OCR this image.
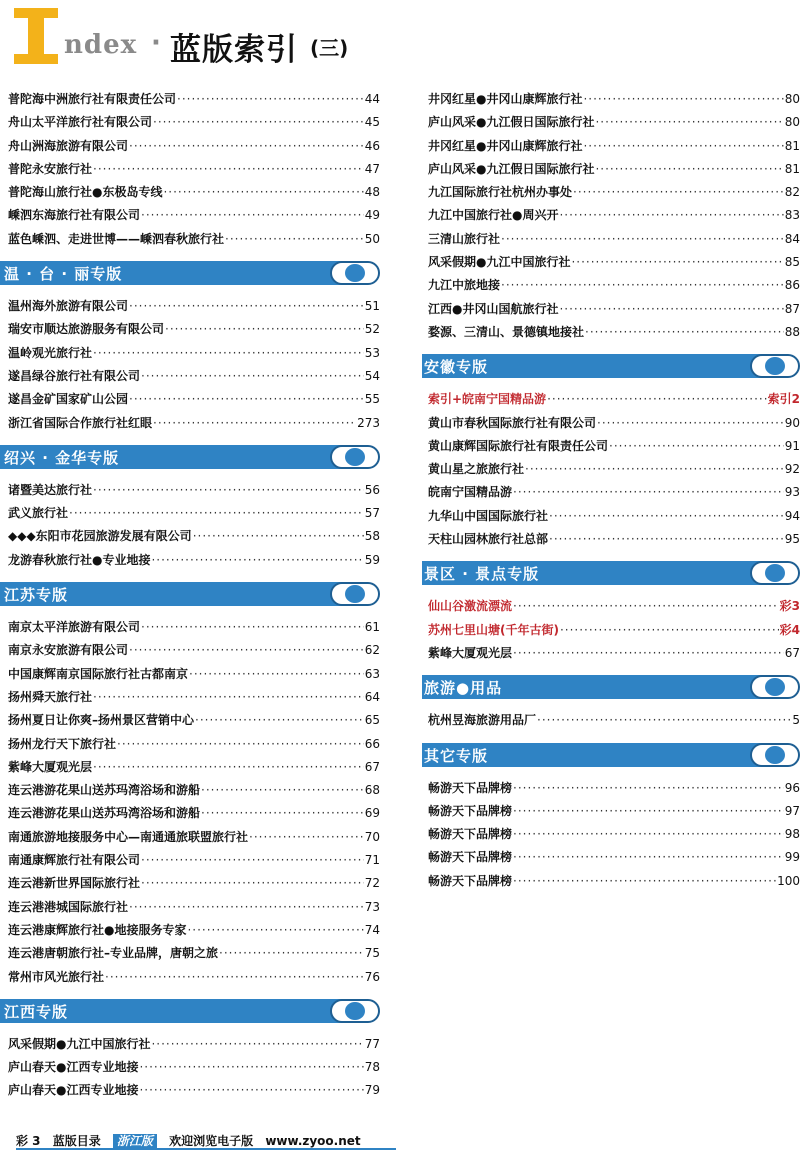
ndex · 蓝版索引 (三)
普陀海中洲旅行社有限责任公司 ·····	44
舟山太平洋旅行社有限公司 ·····	45
舟山洲海旅游有限公司 ·····	46
普陀永安旅行社 ·····	47
普陀海山旅行社●东极岛专线 ·····	48
嵊泗东海旅行社有限公司 ·····	49
蓝色嵊泗、走进世博——嵊泗春秋旅行社 ·····	50
温 · 台 · 丽专版
温州海外旅游有限公司 ·····	51
瑞安市顺达旅游服务有限公司 ·····	52
温岭观光旅行社 ·····	53
遂昌绿谷旅行社有限公司 ·····	54
遂昌金矿国家矿山公园 ·····	55
浙江省国际合作旅行社红眼 ·····	273
绍兴 · 金华专版
诸暨美达旅行社 ·····	56
武义旅行社 ·····	57
◆◆◆东阳市花园旅游发展有限公司 ·····	58
龙游春秋旅行社●专业地接 ·····	59
江苏专版
南京太平洋旅游有限公司 ·····	61
南京永安旅游有限公司 ·····	62
中国康辉南京国际旅行社古都南京 ·····	63
扬州舜天旅行社 ·····	64
扬州夏日让你爽–扬州景区营销中心 ·····	65
扬州龙行天下旅行社 ·····	66
紫峰大厦观光层 ·····	67
连云港游花果山送苏玛湾浴场和游船 ·····	68
连云港游花果山送苏玛湾浴场和游船 ·····	69
南通旅游地接服务中心—南通通旅联盟旅行社 ·····	70
南通康辉旅行社有限公司 ·····	71
连云港新世界国际旅行社 ·····	72
连云港港城国际旅行社 ·····	73
连云港康辉旅行社●地接服务专家 ·····	74
连云港唐朝旅行社–专业品牌，唐朝之旅 ·····	75
常州市风光旅行社 ·····	76
江西专版
风采假期●九江中国旅行社 ·····	77
庐山春天●江西专业地接 ·····	78
庐山春天●江西专业地接 ·····	79
井冈红星●井冈山康辉旅行社 ·····	80
庐山风采●九江假日国际旅行社 ·····	80
井冈红星●井冈山康辉旅行社 ·····	81
庐山风采●九江假日国际旅行社 ·····	81
九江国际旅行社杭州办事处 ·····	82
九江中国旅行社●周兴开 ·····	83
三清山旅行社 ·····	84
风采假期●九江中国旅行社 ·····	85
九江中旅地接 ·····	86
江西●井冈山国航旅行社 ·····	87
婺源、三清山、景德镇地接社 ·····	88
安徽专版
索引+皖南宁国精品游 ·····	索引2
黄山市春秋国际旅行社有限公司 ·····	90
黄山康辉国际旅行社有限责任公司 ·····	91
黄山星之旅旅行社 ·····	92
皖南宁国精品游 ·····	93
九华山中国国际旅行社 ·····	94
天柱山园林旅行社总部 ·····	95
景区 · 景点专版
仙山谷激流漂流 ·····	彩3
苏州七里山塘(千年古街) ·····	彩4
紫峰大厦观光层 ·····	67
旅游●用品
杭州昱海旅游用品厂 ·····	5
其它专版
畅游天下品牌榜 ·····	96
畅游天下品牌榜 ·····	97
畅游天下品牌榜 ·····	98
畅游天下品牌榜 ·····	99
畅游天下品牌榜 ·····	100
彩 3 蓝版目录 浙江版 欢迎浏览电子版 www.zyoo.net
